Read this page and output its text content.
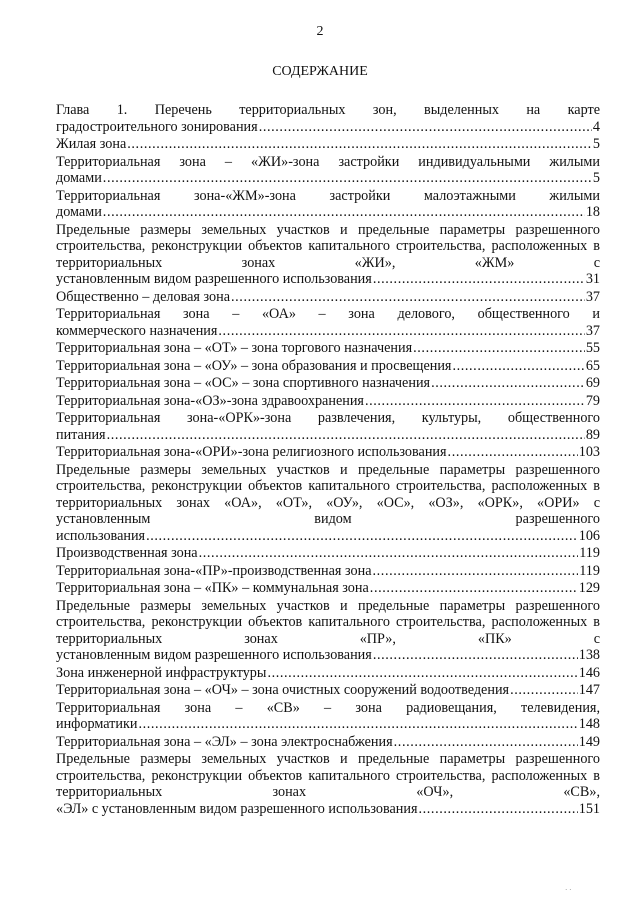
2
СОДЕРЖАНИЕ
Глава 1. Перечень территориальных зон, выделенных на карте
градостроительного зонирования .....	4
Жилая зона .....	5
Территориальная зона – «ЖИ»-зона застройки индивидуальными жилыми
домами .....	5
Территориальная зона-«ЖМ»-зона застройки малоэтажными жилыми
домами .....	18
Предельные размеры земельных участков и предельные параметры разрешенного строительства, реконструкции объектов капитального строительства, расположенных в территориальных зонах «ЖИ», «ЖМ» с
установленным видом разрешенного использования .....	31
Общественно – деловая зона .....	37
Территориальная зона – «ОА» – зона делового, общественного и
коммерческого назначения .....	37
Территориальная зона – «ОТ» – зона торгового назначения .....	55
Территориальная зона – «ОУ» – зона образования и просвещения .....	65
Территориальная зона – «ОС» – зона спортивного назначения .....	69
Территориальная зона-«ОЗ»-зона здравоохранения .....	79
Территориальная зона-«ОРК»-зона развлечения, культуры, общественного
питания .....	89
Территориальная зона-«ОРИ»-зона религиозного использования .....	103
Предельные размеры земельных участков и предельные параметры разрешенного строительства, реконструкции объектов капитального строительства, расположенных в территориальных зонах «ОА», «ОТ», «ОУ», «ОС», «ОЗ», «ОРК», «ОРИ» с установленным видом разрешенного
использования .....	106
Производственная зона .....	119
Территориальная зона-«ПР»-производственная зона .....	119
Территориальная зона – «ПК» – коммунальная зона .....	129
Предельные размеры земельных участков и предельные параметры разрешенного строительства, реконструкции объектов капитального строительства, расположенных в территориальных зонах «ПР», «ПК» с
установленным видом разрешенного использования .....	138
Зона инженерной инфраструктуры .....	146
Территориальная зона – «ОЧ» – зона очистных сооружений водоотведения .....	147
Территориальная зона – «СВ» – зона радиовещания, телевидения,
информатики .....	148
Территориальная зона – «ЭЛ» – зона электроснабжения .....	149
Предельные размеры земельных участков и предельные параметры разрешенного строительства, реконструкции объектов капитального строительства, расположенных в территориальных зонах «ОЧ», «СВ»,
«ЭЛ» с установленным видом разрешенного использования .....	151
· ·
